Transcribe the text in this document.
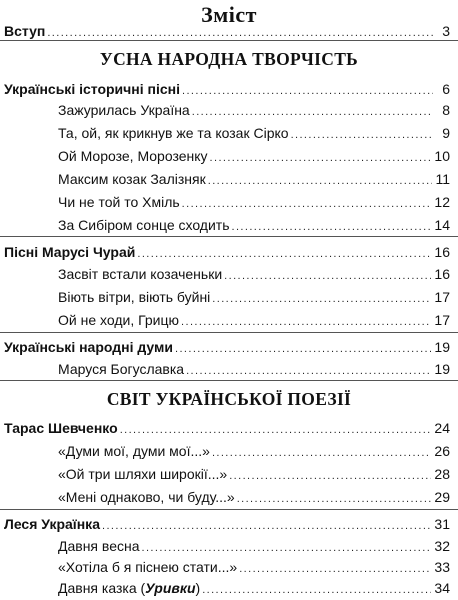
Зміст
Вступ .....	3
УСНА НАРОДНА ТВОРЧІСТЬ
Українські історичні пісні .....	6
Зажурилась Україна .....	8
Та, ой, як крикнув же та козак Сірко .....	9
Ой Морозе, Морозенку .....	10
Максим козак Залізняк .....	11
Чи не той то Хміль .....	12
За Сибіром сонце сходить .....	14
Пісні Марусі Чурай .....	16
Засвіт встали козаченьки .....	16
Віють вітри, віють буйні .....	17
Ой не ходи, Грицю .....	17
Українські народні думи .....	19
Маруся Богуславка .....	19
СВІТ УКРАЇНСЬКОЇ ПОЕЗІЇ
Тарас Шевченко .....	24
«Думи мої, думи мої...» .....	26
«Ой три шляхи широкії...» .....	28
«Мені однаково, чи буду...» .....	29
Леся Українка .....	31
Давня весна .....	32
«Хотіла б я піснею стати...» .....	33
Давня казка (Уривки) .....	34
